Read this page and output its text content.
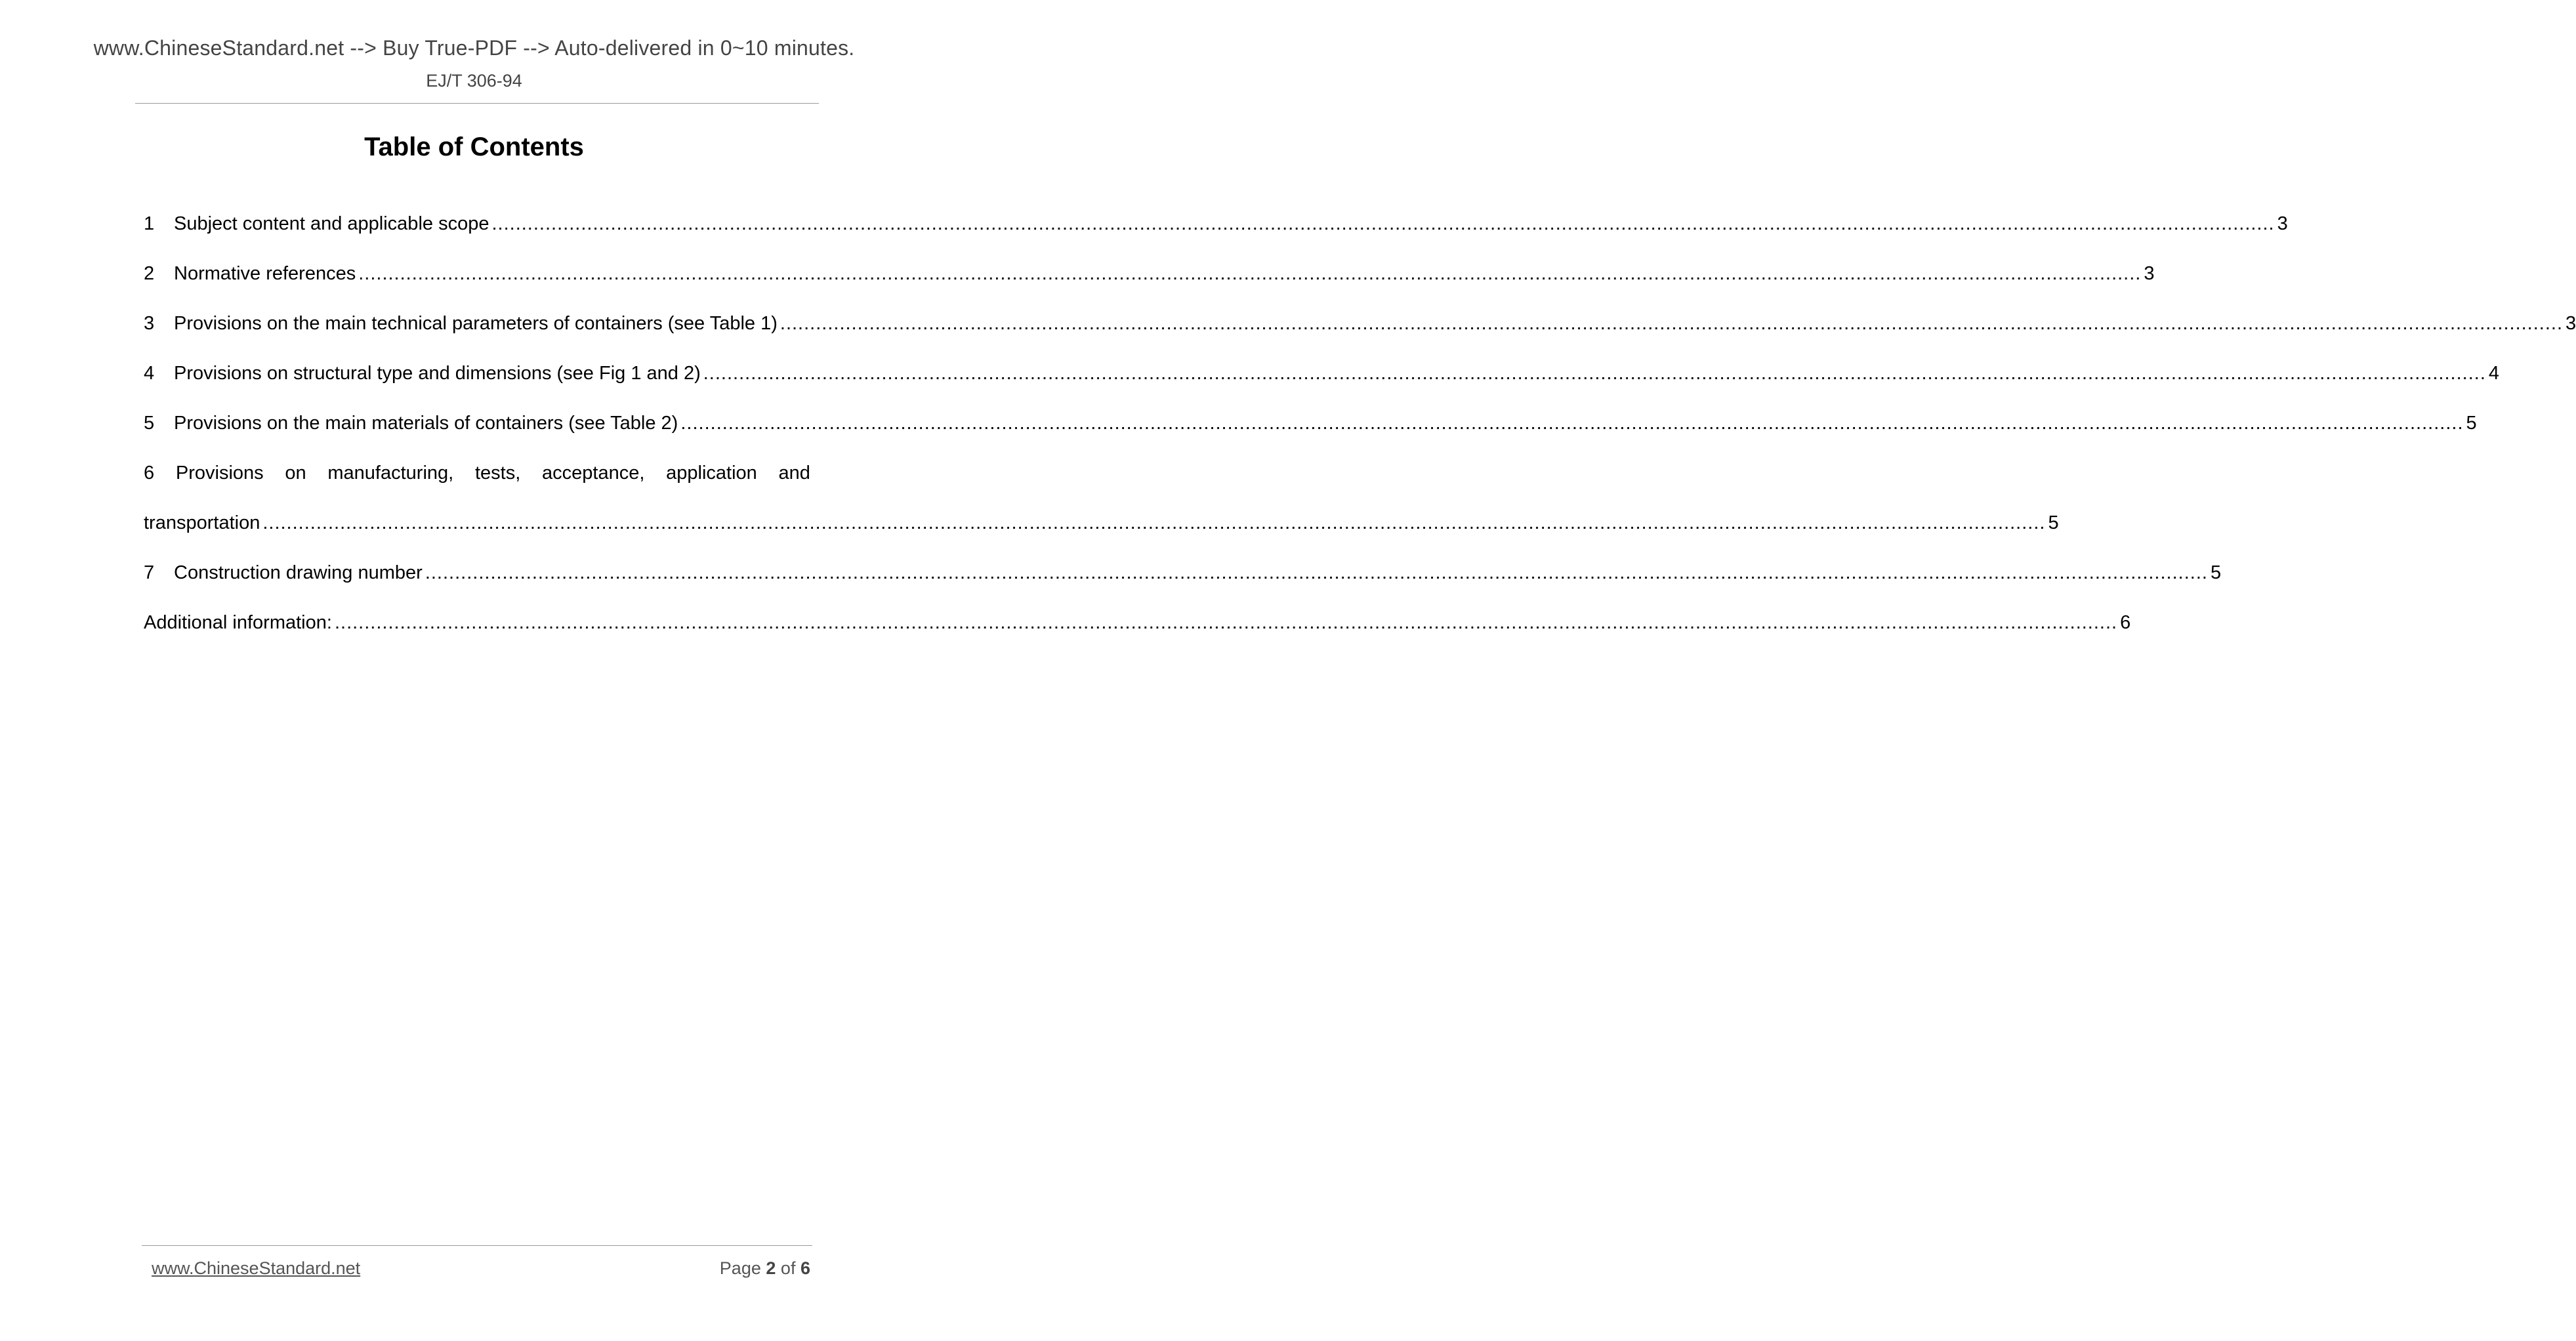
www.ChineseStandard.net --> Buy True-PDF --> Auto-delivered in 0~10 minutes.
EJ/T 306-94
Table of Contents
1	Subject content and applicable scope ............................................................................................................................................................................................................................................................................................................ 3
2	Normative references ............................................................................................................................................................................................................................................................................................................ 3
3	Provisions on the main technical parameters of containers (see Table 1) ............................................................................................................................................................................................................................................................................................................ 3
4	Provisions on structural type and dimensions (see Fig 1 and 2) ............................................................................................................................................................................................................................................................................................................ 4
5	Provisions on the main materials of containers (see Table 2) ............................................................................................................................................................................................................................................................................................................ 5
6 Provisions on manufacturing, tests, acceptance, application and
transportation ............................................................................................................................................................................................................................................................................................................ 5
7	Construction drawing number ............................................................................................................................................................................................................................................................................................................ 5
Additional information: ............................................................................................................................................................................................................................................................................................................ 6
www.ChineseStandard.net	Page 2 of 6
